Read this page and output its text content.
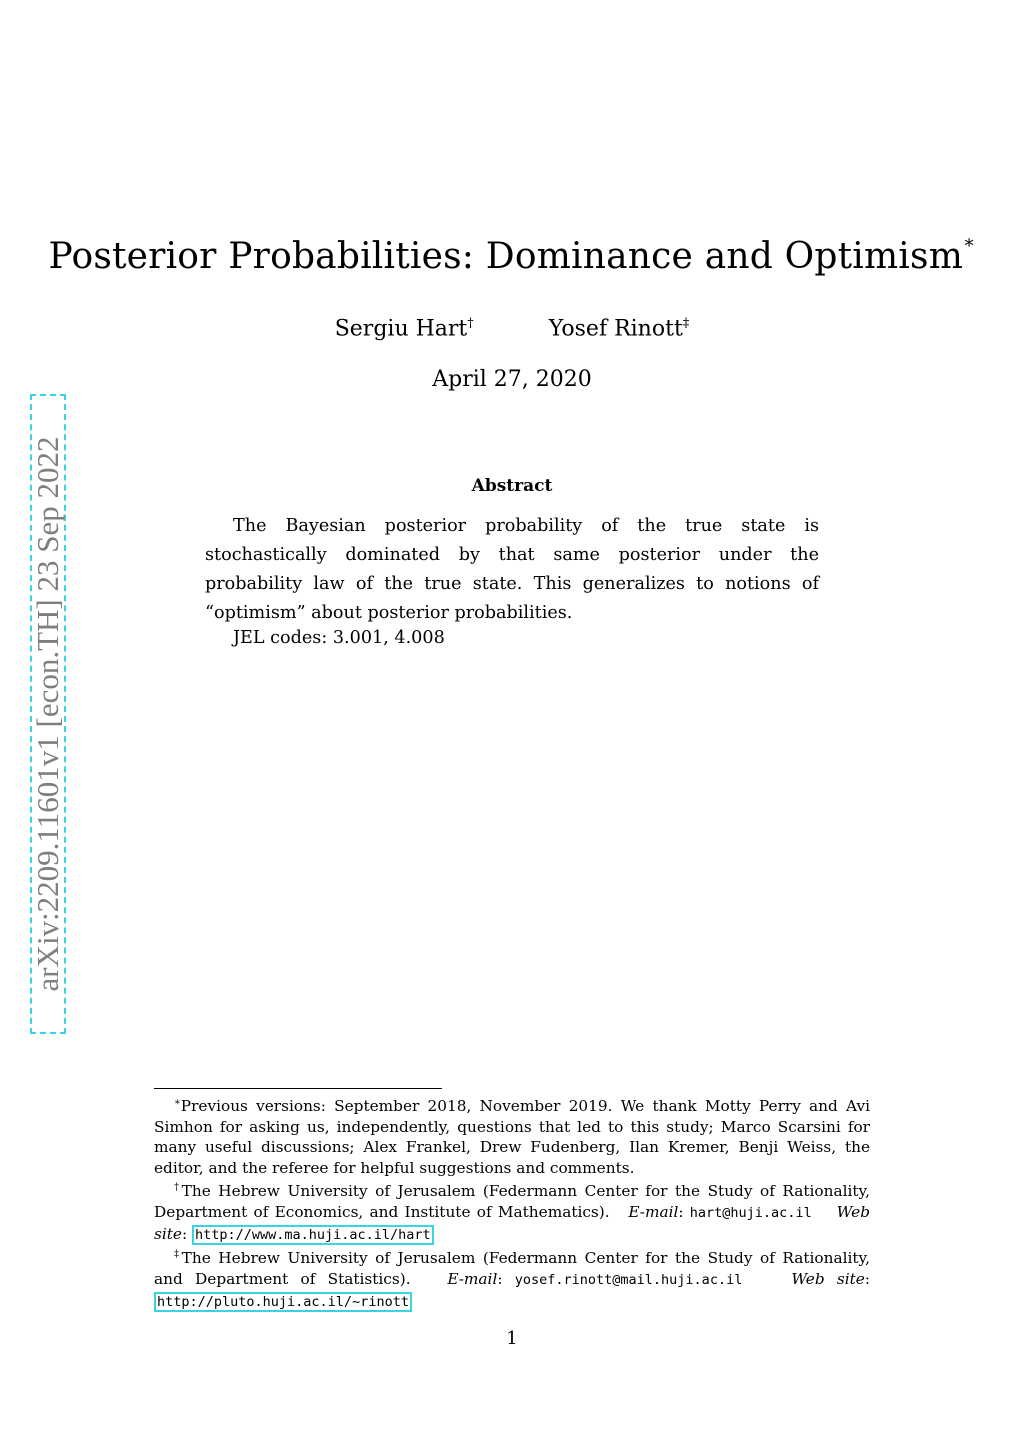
arXiv:2209.11601v1 [econ.TH] 23 Sep 2022
Posterior Probabilities: Dominance and Optimism∗
Sergiu Hart†	Yosef Rinott‡
April 27, 2020
Abstract

The Bayesian posterior probability of the true state is stochastically dominated by that same posterior under the probability law of the true state. This generalizes to notions of “optimism” about posterior probabilities.

JEL codes: 3.001, 4.008

∗Previous versions: September 2018, November 2019. We thank Motty Perry and Avi Simhon for asking us, independently, questions that led to this study; Marco Scarsini for many useful discussions; Alex Frankel, Drew Fudenberg, Ilan Kremer, Benji Weiss, the editor, and the referee for helpful suggestions and comments.

†The Hebrew University of Jerusalem (Federmann Center for the Study of Rationality, Department of Economics, and Institute of Mathematics). E-mail: hart@huji.ac.il Web site: http://www.ma.huji.ac.il/hart

‡The Hebrew University of Jerusalem (Federmann Center for the Study of Rationality, and Department of Statistics). E-mail: yosef.rinott@mail.huji.ac.il	Web site: http://pluto.huji.ac.il/~rinott

1
